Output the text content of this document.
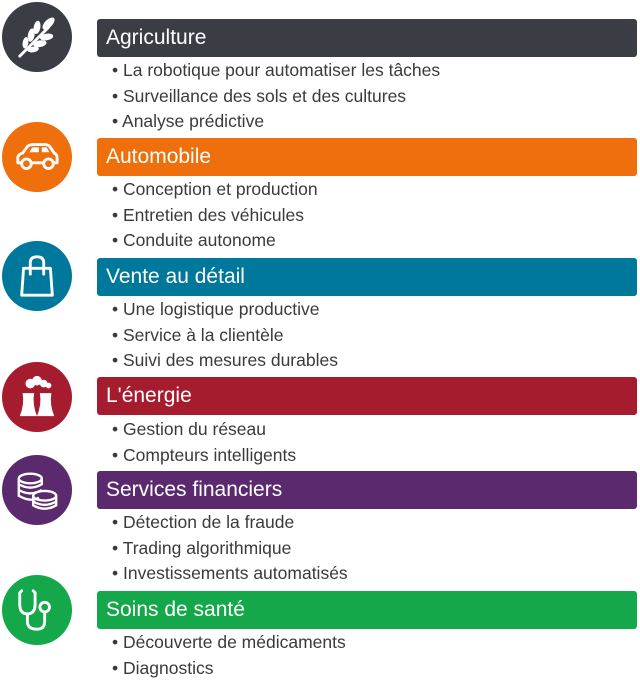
Agriculture
• La robotique pour automatiser les tâches
• Surveillance des sols et des cultures
• Analyse prédictive
Automobile
• Conception et production
• Entretien des véhicules
• Conduite autonome
Vente au détail
• Une logistique productive
• Service à la clientèle
• Suivi des mesures durables
L'énergie
• Gestion du réseau
• Compteurs intelligents
Services financiers
• Détection de la fraude
• Trading algorithmique
• Investissements automatisés
Soins de santé
• Découverte de médicaments
• Diagnostics
